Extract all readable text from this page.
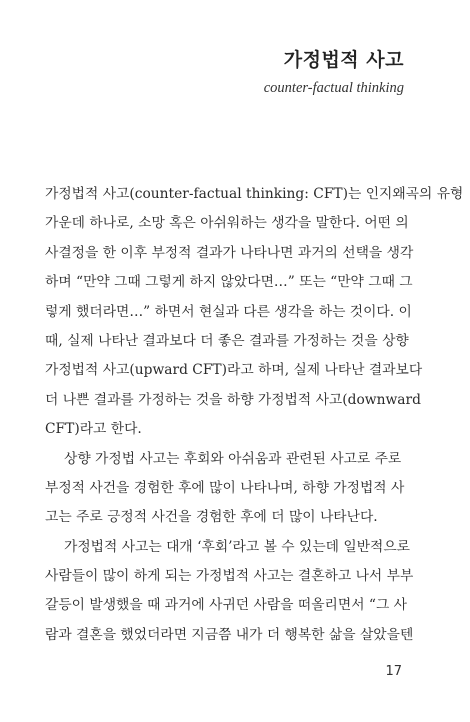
가정법적 사고
counter-factual thinking
가정법적 사고(counter-factual thinking: CFT)는 인지왜곡의 유형
가운데 하나로, 소망 혹은 아쉬워하는 생각을 말한다. 어떤 의
사결정을 한 이후 부정적 결과가 나타나면 과거의 선택을 생각
하며 “만약 그때 그렇게 하지 않았다면…” 또는 “만약 그때 그
렇게 했더라면…” 하면서 현실과 다른 생각을 하는 것이다. 이
때, 실제 나타난 결과보다 더 좋은 결과를 가정하는 것을 상향
가정법적 사고(upward CFT)라고 하며, 실제 나타난 결과보다
더 나쁜 결과를 가정하는 것을 하향 가정법적 사고(downward
CFT)라고 한다.
상향 가정법 사고는 후회와 아쉬움과 관련된 사고로 주로
부정적 사건을 경험한 후에 많이 나타나며, 하향 가정법적 사
고는 주로 긍정적 사건을 경험한 후에 더 많이 나타난다.
가정법적 사고는 대개 ‘후회’라고 볼 수 있는데 일반적으로
사람들이 많이 하게 되는 가정법적 사고는 결혼하고 나서 부부
갈등이 발생했을 때 과거에 사귀던 사람을 떠올리면서 “그 사
람과 결혼을 했었더라면 지금쯤 내가 더 행복한 삶을 살았을텐
17
